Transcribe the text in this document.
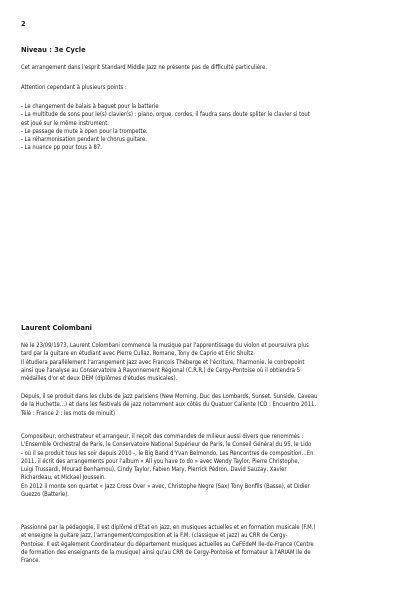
2
Niveau : 3e Cycle
Cet arrangement dans l'esprit Standard Middle Jazz ne présente pas de difficulté particulière.
Attention cependant à plusieurs points :
- Le changement de balais à baguet pour la batterie
- La multitude de sons pour le(s) clavier(s) : piano, orgue, cordes, il faudra sans doute spliter le clavier si tout
est joué sur le même instrument.
- Le passage de mute à open pour la trompette.
- La réharmonisation pendant le chorus guitare.
- La nuance pp pour tous à 87.
Laurent Colombani
Né le 23/09/1973, Laurent Colombani commence la musique par l'apprentissage du violon et poursuivra plus
tard par la guitare en étudiant avec Pierre Cullaz, Romane, Tony de Caprio et Eric Shultz.
Il étudiera parallèlement l'arrangement jazz avec François Théberge et l'écriture, l'harmonie, le contrepoint
ainsi que l'analyse au Conservatoire à Rayonnement Régional (C.R.R.) de Cergy-Pontoise où il obtiendra 5
médailles d'or et deux DEM (diplômes d'études musicales).
Depuis, il se produit dans les clubs de jazz parisiens (New Morning, Duc des Lombards, Sunset, Sunside, Caveau
de la Huchette…) et dans les festivals de jazz notamment aux côtés du Quatuor Caliente (CD : Encuentro 2011,
Télé : France 2 : les mots de minuit)
Compositeur, orchestrateur et arrangeur, il reçoit des commandes de milieux aussi divers que renommés :
L'Ensemble Orchestral de Paris, le Conservatoire National Supérieur de Paris, le Conseil Général du 95, le Lido
- où il se produit tous les soir depuis 2010 -, le Big Band d'Yvan Belmondo, Les Rencontres de composition…En
2011, il écrit des arrangements pour l'album « All you have to do » avec Wendy Taylor, Pierre Christophe,
Luigi Trussardi, Mourad Benhamou), Cindy Taylor, Fabien Mary, Pierrick Pédron, David Sauzay, Xavier
Richardeau, et Mickael Joussein.
En 2012 il monte son quartet « Jazz Cross Over » avec, Christophe Negre (Sax) Tony Bonfils (Basse), et Didier
Guezzo (Batterie).
Passionné par la pédagogie, il est diplômé d'Etat en jazz, en musiques actuelles et en formation musicale (F.M.)
et enseigne la guitare jazz, l'arrangement/composition et la F.M. (classique et jazz) au CRR de Cergy-
Pontoise. Il est également Coordinateur du département musiques actuelles au CeFEdeM Ile-de-France (Centre
de formation des enseignants de la musique) ainsi qu'au CRR de Cergy-Pontoise et formateur à l'ARIAM Ile de
France.
